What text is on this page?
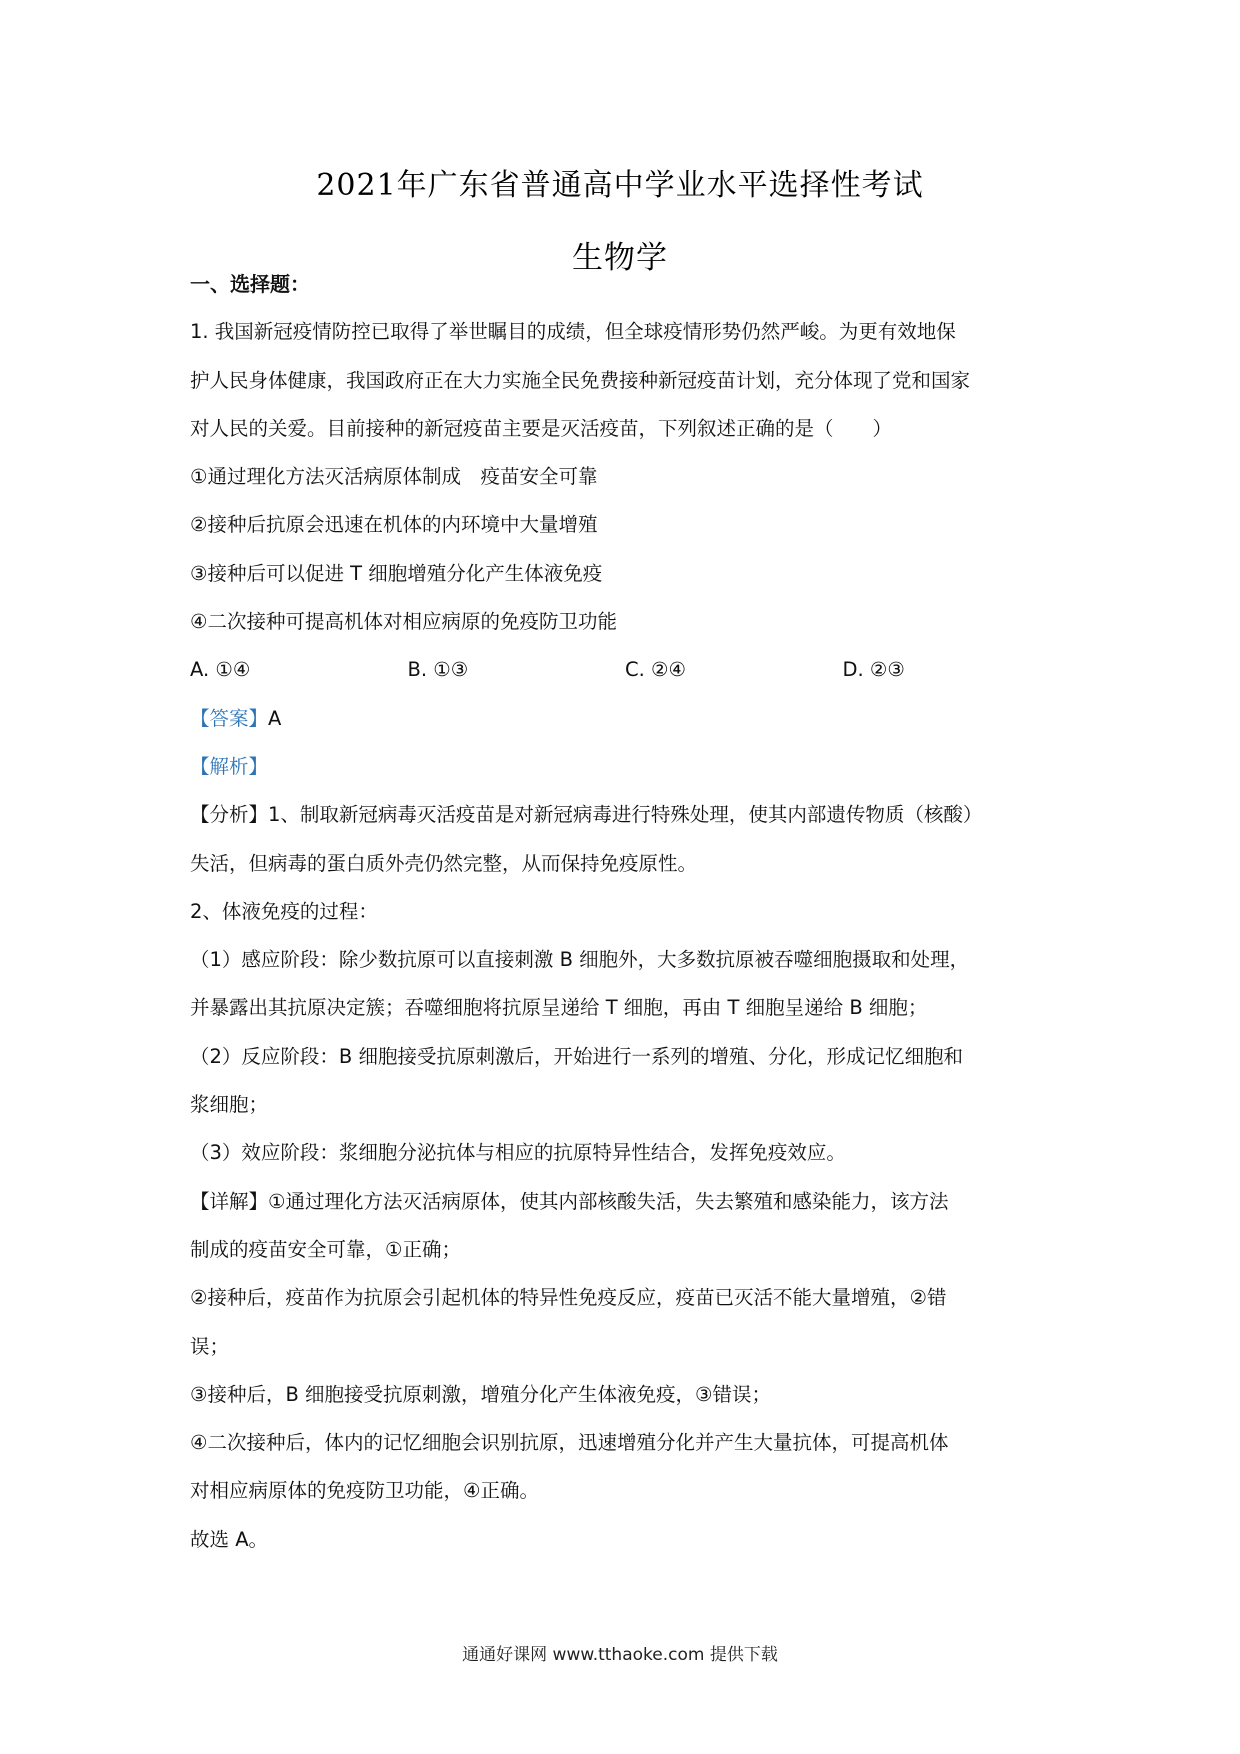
2021年广东省普通高中学业水平选择性考试
生物学
一、选择题：
1. 我国新冠疫情防控已取得了举世瞩目的成绩，但全球疫情形势仍然严峻。为更有效地保
护人民身体健康，我国政府正在大力实施全民免费接种新冠疫苗计划，充分体现了党和国家
对人民的关爱。目前接种的新冠疫苗主要是灭活疫苗，下列叙述正确的是（　　）
①通过理化方法灭活病原体制成　疫苗安全可靠
②接种后抗原会迅速在机体的内环境中大量增殖
③接种后可以促进 T 细胞增殖分化产生体液免疫
④二次接种可提高机体对相应病原的免疫防卫功能
A. ①④	B. ①③	C. ②④	D. ②③
【答案】A
【解析】
【分析】1、制取新冠病毒灭活疫苗是对新冠病毒进行特殊处理，使其内部遗传物质（核酸）
失活，但病毒的蛋白质外壳仍然完整，从而保持免疫原性。
2、体液免疫的过程：
（1）感应阶段：除少数抗原可以直接刺激 B 细胞外，大多数抗原被吞噬细胞摄取和处理，
并暴露出其抗原决定簇；吞噬细胞将抗原呈递给 T 细胞，再由 T 细胞呈递给 B 细胞；
（2）反应阶段：B 细胞接受抗原刺激后，开始进行一系列的增殖、分化，形成记忆细胞和
浆细胞；
（3）效应阶段：浆细胞分泌抗体与相应的抗原特异性结合，发挥免疫效应。
【详解】①通过理化方法灭活病原体，使其内部核酸失活，失去繁殖和感染能力，该方法
制成的疫苗安全可靠，①正确；
②接种后，疫苗作为抗原会引起机体的特异性免疫反应，疫苗已灭活不能大量增殖，②错
误；
③接种后，B 细胞接受抗原刺激，增殖分化产生体液免疫，③错误；
④二次接种后，体内的记忆细胞会识别抗原，迅速增殖分化并产生大量抗体，可提高机体
对相应病原体的免疫防卫功能，④正确。
故选 A。
通通好课网 www.tthaoke.com 提供下载
